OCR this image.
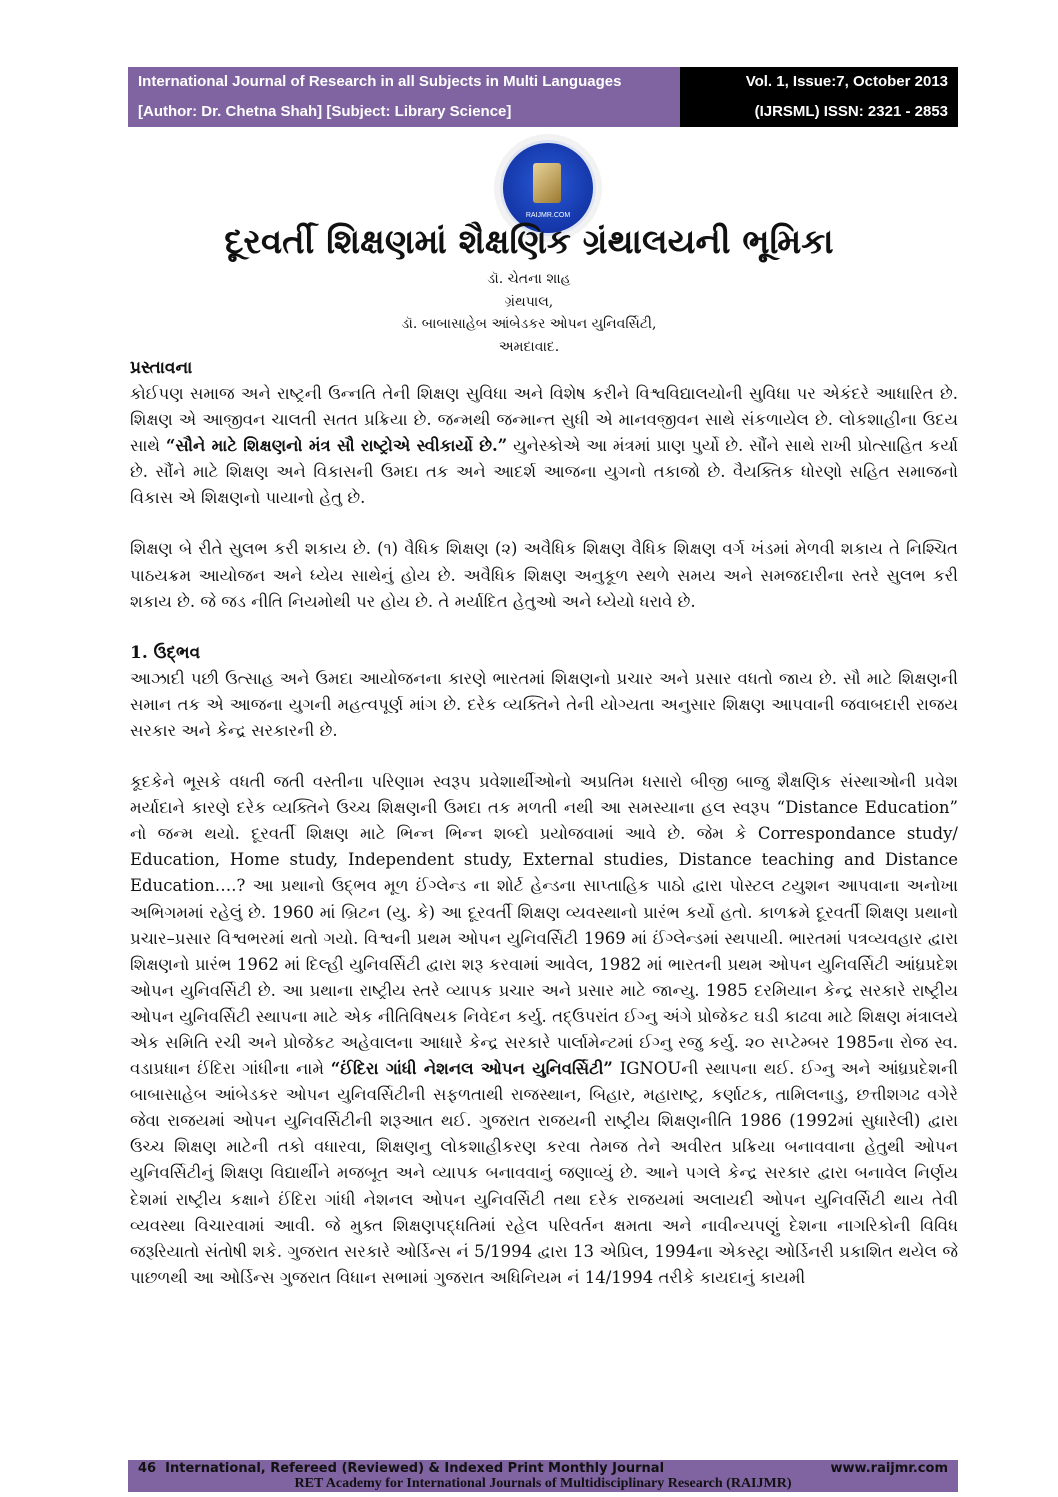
International Journal of Research in all Subjects in Multi Languages
[Author: Dr. Chetna Shah] [Subject: Library Science]
Vol. 1, Issue:7, October 2013
(IJRSML) ISSN: 2321 - 2853
RAIJMR.COM
દૂરવર્તી શિક્ષણમાં શૈક્ષણિક ગ્રંથાલયની ભૂમિકા
ડૉ. ચેતના શાહ
ગ્રંથપાલ,
ડૉ. બાબાસાહેબ આંબેડકર ઓપન યુનિવર્સિટી,
અમદાવાદ.
પ્રસ્તાવના

કોઈપણ સમાજ અને રાષ્ટ્રની ઉન્નતિ તેની શિક્ષણ સુવિધા અને વિશેષ કરીને વિશ્વવિદ્યાલયોની સુવિધા પર એકંદરે આધારિત છે. શિક્ષણ એ આજીવન ચાલતી સતત પ્રક્રિયા છે. જન્મથી જન્માન્ત સુધી એ માનવજીવન સાથે સંકળાયેલ છે. લોકશાહીના ઉદય સાથે “સૌને માટે શિક્ષણનો મંત્ર સૌ રાષ્ટ્રોએ સ્વીકાર્યો છે.” યુનેસ્કોએ આ મંત્રમાં પ્રાણ પુર્યો છે. સૌંને સાથે રાખી પ્રોત્સાહિત કર્યા છે. સૌંને માટે શિક્ષણ અને વિકાસની ઉમદા તક અને આદર્શ આજના યુગનો તકાજો છે. વૈયક્તિક ધોરણો સહિત સમાજનો વિકાસ એ શિક્ષણનો પાયાનો હેતુ છે.

શિક્ષણ બે રીતે સુલભ કરી શકાય છે. (૧) વૈધિક શિક્ષણ (૨) અવૈધિક શિક્ષણ વૈધિક શિક્ષણ વર્ગ ખંડમાં મેળવી શકાય તે નિશ્ચિત પાઠયક્રમ આયોજન અને ધ્યેય સાથેનું હોય છે. અવૈધિક શિક્ષણ અનુકૂળ સ્થળે સમય અને સમજદારીના સ્તરે સુલભ કરી શકાય છે. જે જડ નીતિ નિયમોથી પર હોય છે. તે મર્યાદિત હેતુઓ અને ધ્યેયો ધરાવે છે.

1. ઉદ્ભવ

આઝાદી પછી ઉત્સાહ અને ઉમદા આયોજનના કારણે ભારતમાં શિક્ષણનો પ્રચાર અને પ્રસાર વધતો જાય છે. સૌ માટે શિક્ષણની સમાન તક એ આજના યુગની મહત્વપૂર્ણ માંગ છે. દરેક વ્યક્તિને તેની યોગ્યતા અનુસાર શિક્ષણ આપવાની જવાબદારી રાજય સરકાર અને કેન્દ્ર સરકારની છે.

કૂદકેને ભૂસકે વધતી જતી વસ્તીના પરિણામ સ્વરૂપ પ્રવેશાર્થીઓનો અપ્રતિમ ધસારો બીજી બાજુ શૈક્ષણિક સંસ્થાઓની પ્રવેશ મર્યાદાને કારણે દરેક વ્યક્તિને ઉચ્ચ શિક્ષણની ઉમદા તક મળતી નથી આ સમસ્યાના હલ સ્વરૂપ “Distance Education” નો જન્મ થયો. દૂરવર્તી શિક્ષણ માટે ભિન્ન ભિન્ન શબ્દો પ્રયોજવામાં આવે છે. જેમ કે Correspondance study/ Education, Home study, Independent study, External studies, Distance teaching and Distance Education….? આ પ્રથાનો ઉદ્ભવ મૂળ ઈંગ્લેન્ડ ના શોર્ટ હેન્ડના સાપ્તાહિક પાઠો દ્વારા પોસ્ટલ ટયુશન આપવાના અનોખા અભિગમમાં રહેલું છે. 1960 માં બ્રિટન (યુ. કે) આ દૂરવર્તી શિક્ષણ વ્યવસ્થાનો પ્રારંભ કર્યો હતો. કાળક્રમે દૂરવર્તી શિક્ષણ પ્રથાનો પ્રચાર–પ્રસાર વિશ્વભરમાં થતો ગયો. વિશ્વની પ્રથમ ઓપન યુનિવર્સિટી 1969 માં ઈંગ્લેન્ડમાં સ્થપાયી. ભારતમાં પત્રવ્યવહાર દ્વારા શિક્ષણનો પ્રારંભ 1962 માં દિલ્હી યુનિવર્સિટી દ્વારા શરૂ કરવામાં આવેલ, 1982 માં ભારતની પ્રથમ ઓપન યુનિવર્સિટી આંધ્રપ્રદેશ ઓપન યુનિવર્સિટી છે. આ પ્રથાના રાષ્ટ્રીય સ્તરે વ્યાપક પ્રચાર અને પ્રસાર માટે જાન્યુ. 1985 દરમિયાન કેન્દ્ર સરકારે રાષ્ટ્રીય ઓપન યુનિવર્સિટી સ્થાપના માટે એક નીતિવિષયક નિવેદન કર્યુ. તદ્ઉપરાંત ઈગ્નુ અંગે પ્રોજેકટ ઘડી કાઢવા માટે શિક્ષણ મંત્રાલયે એક સમિતિ રચી અને પ્રોજેકટ અહેવાલના આધારે કેન્દ્ર સરકારે પાર્લામેન્ટમાં ઈગ્નુ રજુ કર્યુ. ૨૦ સપ્ટેમ્બર 1985ના રોજ સ્વ. વડાપ્રધાન ઈંદિરા ગાંધીના નામે “ઈંદિરા ગાંધી નેશનલ ઓપન યુનિવર્સિટી” IGNOUની સ્થાપના થઈ. ઈગ્નુ અને આંધ્રપ્રદેશની બાબાસાહેબ આંબેડકર ઓપન યુનિવર્સિટીની સફળતાથી રાજસ્થાન, બિહાર, મહારાષ્ટ્ર, કર્ણાટક, તામિલનાડુ, છત્તીશગઢ વગેરે જેવા રાજયમાં ઓપન યુનિવર્સિટીની શરૂઆત થઈ. ગુજરાત રાજયની રાષ્ટ્રીય શિક્ષણનીતિ 1986 (1992માં સુધારેલી) દ્વારા ઉચ્ચ શિક્ષણ માટેની તકો વધારવા, શિક્ષણનુ લોકશાહીકરણ કરવા તેમજ તેને અવીરત પ્રક્રિયા બનાવવાના હેતુથી ઓપન યુનિવર્સિટીનું શિક્ષણ વિદ્યાર્થીને મજબૂત અને વ્યાપક બનાવવાનું જણાવ્યું છે. આને પગલે કેન્દ્ર સરકાર દ્વારા બનાવેલ નિર્ણય દેશમાં રાષ્ટ્રીય કક્ષાને ઈંદિરા ગાંધી નેશનલ ઓપન યુનિવર્સિટી તથા દરેક રાજયમાં અલાયદી ઓપન યુનિવર્સિટી થાય તેવી વ્યવસ્થા વિચારવામાં આવી. જે મુક્ત શિક્ષણપદ્ધતિમાં રહેલ પરિવર્તન ક્ષમતા અને નાવીન્યપણું દેશના નાગરિકોની વિવિધ જરૂરિયાતો સંતોષી શકે. ગુજરાત સરકારે ઓર્ડિન્સ નં 5/1994 દ્વારા 13 એપ્રિલ, 1994ના એકસ્ટ્રા ઓર્ડિનરી પ્રકાશિત થયેલ જે પાછળથી આ ઓર્ડિન્સ ગુજરાત વિધાન સભામાં ગુજરાત અધિનિયમ નં 14/1994 તરીકે કાયદાનું કાયમી

46 International, Refereed (Reviewed) & Indexed Print Monthly Journal	www.raijmr.com
RET Academy for International Journals of Multidisciplinary Research (RAIJMR)
